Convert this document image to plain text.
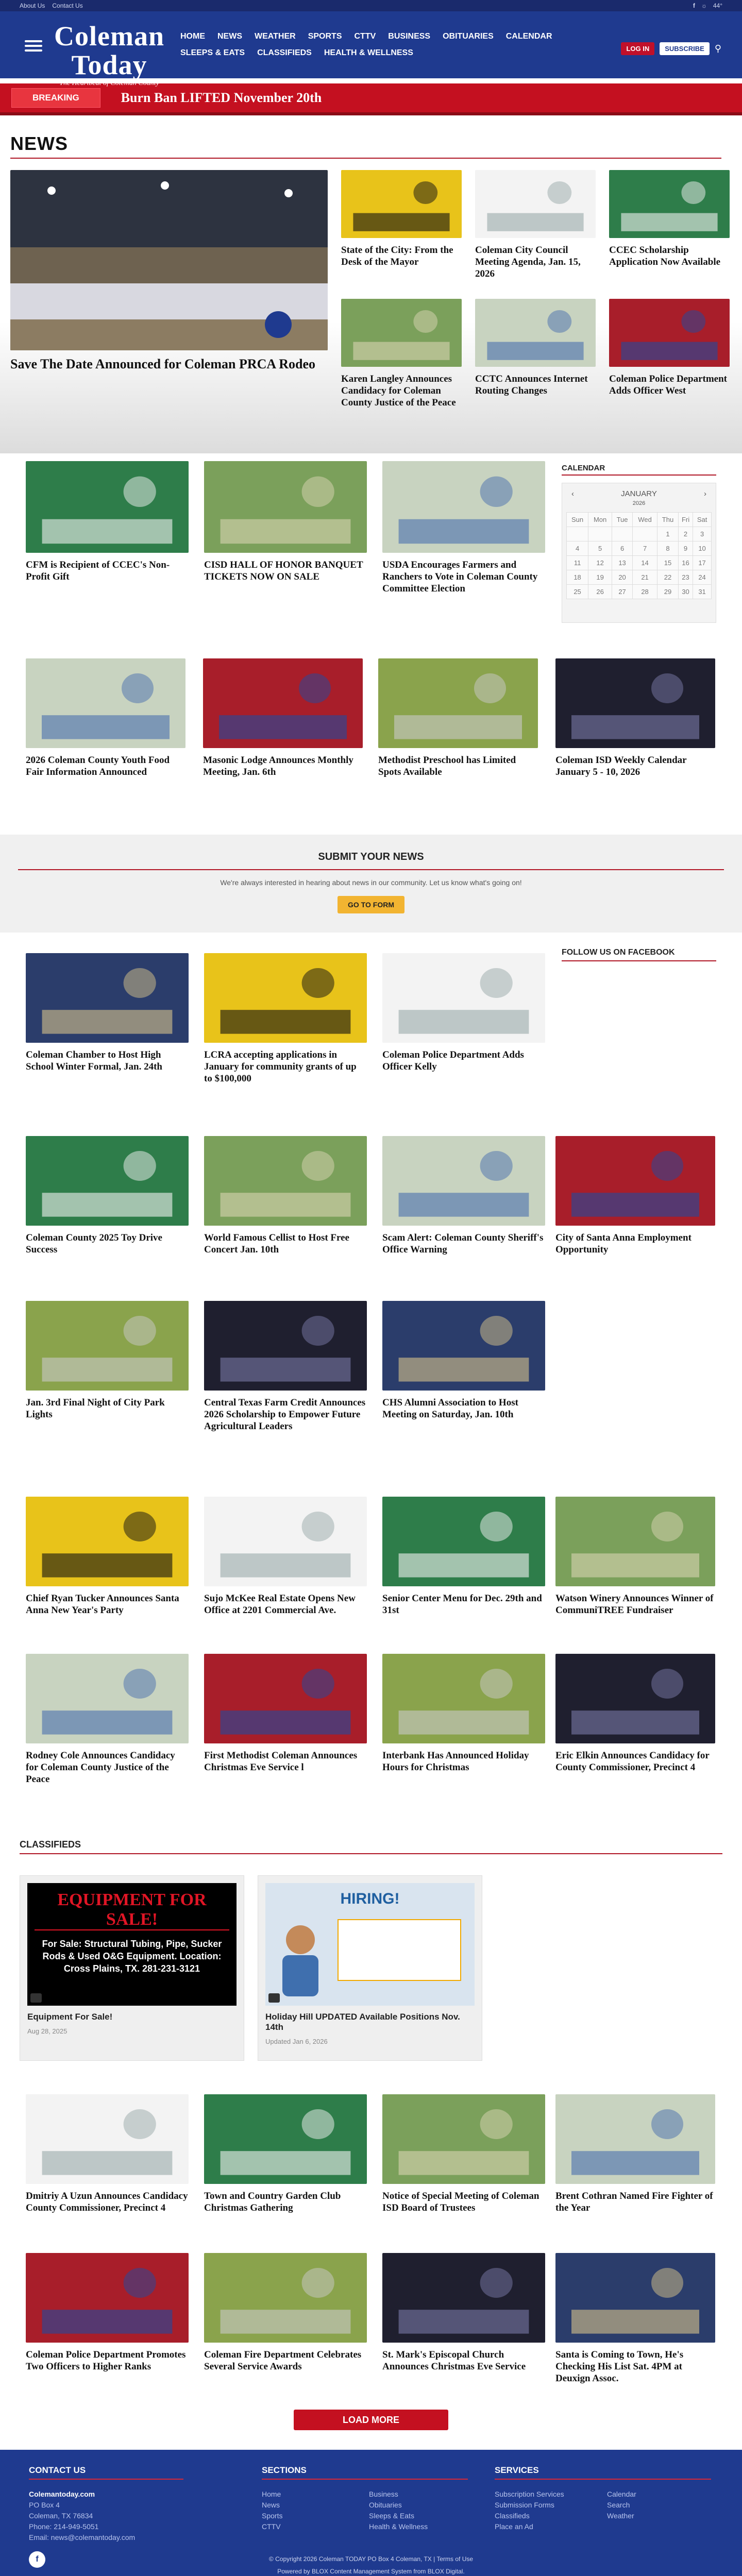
About Us Contact Us	f ☼ 44°
Coleman Today
The Heartbeat of Coleman County
HOME NEWS WEATHER SPORTS CTTV BUSINESS OBITUARIES CALENDAR
SLEEPS & EATS CLASSIFIEDS HEALTH & WELLNESS	LOG IN	SUBSCRIBE	⚲
BREAKING	Burn Ban LIFTED November 20th
NEWS
Save The Date Announced for Coleman PRCA Rodeo
State of the City: From the Desk of the Mayor
Coleman City Council Meeting Agenda, Jan. 15, 2026
CCEC Scholarship Application Now Available
Karen Langley Announces Candidacy for Coleman County Justice of the Peace
CCTC Announces Internet Routing Changes
Coleman Police Department Adds Officer West
CFM is Recipient of CCEC's Non-Profit Gift
CISD HALL OF HONOR BANQUET TICKETS NOW ON SALE
USDA Encourages Farmers and Ranchers to Vote in Coleman County Committee Election
2026 Coleman County Youth Food Fair Information Announced
Masonic Lodge Announces Monthly Meeting, Jan. 6th
Methodist Preschool has Limited Spots Available
Coleman ISD Weekly Calendar January 5 - 10, 2026
CALENDAR
‹	JANUARY
2026
›
Sun	Mon	Tue	Wed	Thu	Fri	Sat
				1	2	3
4	5	6	7	8	9	10
11	12	13	14	15	16	17
18	19	20	21	22	23	24
25	26	27	28	29	30	31
SUBMIT YOUR NEWS
We're always interested in hearing about news in our community. Let us know what's going on!
GO TO FORM
FOLLOW US ON FACEBOOK
Coleman Chamber to Host High School Winter Formal, Jan. 24th
LCRA accepting applications in January for community grants of up to $100,000
Coleman Police Department Adds Officer Kelly
Coleman County 2025 Toy Drive Success
World Famous Cellist to Host Free Concert Jan. 10th
Scam Alert: Coleman County Sheriff's Office Warning
City of Santa Anna Employment Opportunity
Jan. 3rd Final Night of City Park Lights
Central Texas Farm Credit Announces 2026 Scholarship to Empower Future Agricultural Leaders
CHS Alumni Association to Host Meeting on Saturday, Jan. 10th
Chief Ryan Tucker Announces Santa Anna New Year's Party
Sujo McKee Real Estate Opens New Office at 2201 Commercial Ave.
Senior Center Menu for Dec. 29th and 31st
Watson Winery Announces Winner of CommuniTREE Fundraiser
Rodney Cole Announces Candidacy for Coleman County Justice of the Peace
First Methodist Coleman Announces Christmas Eve Service l
Interbank Has Announced Holiday Hours for Christmas
Eric Elkin Announces Candidacy for County Commissioner, Precinct 4
CLASSIFIEDS
EQUIPMENT FOR SALE!
For Sale: Structural Tubing, Pipe, Sucker Rods & Used O&G Equipment. Location: Cross Plains, TX. 281-231-3121
Equipment For Sale!
Aug 28, 2025
HIRING!
Holiday Hill UPDATED Available Positions Nov. 14th
Updated Jan 6, 2026
Dmitriy A Uzun Announces Candidacy County Commissioner, Precinct 4
Town and Country Garden Club Christmas Gathering
Notice of Special Meeting of Coleman ISD Board of Trustees
Brent Cothran Named Fire Fighter of the Year
Coleman Police Department Promotes Two Officers to Higher Ranks
Coleman Fire Department Celebrates Several Service Awards
St. Mark's Episcopal Church Announces Christmas Eve Service
Santa is Coming to Town, He's Checking His List Sat. 4PM at Deuxign Assoc.
LOAD MORE
CONTACT US
Colemantoday.com
PO Box 4
Coleman, TX 76834
Phone: 214-949-5051
Email: news@colemantoday.com
f
SECTIONS
Home
News
Sports
CTTV
Business
Obituaries
Sleeps & Eats
Health & Wellness
SERVICES
Subscription Services
Submission Forms
Classifieds
Place an Ad
Calendar
Search
Weather
© Copyright 2026 Coleman TODAY PO Box 4 Coleman, TX | Terms of Use
Powered by BLOX Content Management System from BLOX Digital.
